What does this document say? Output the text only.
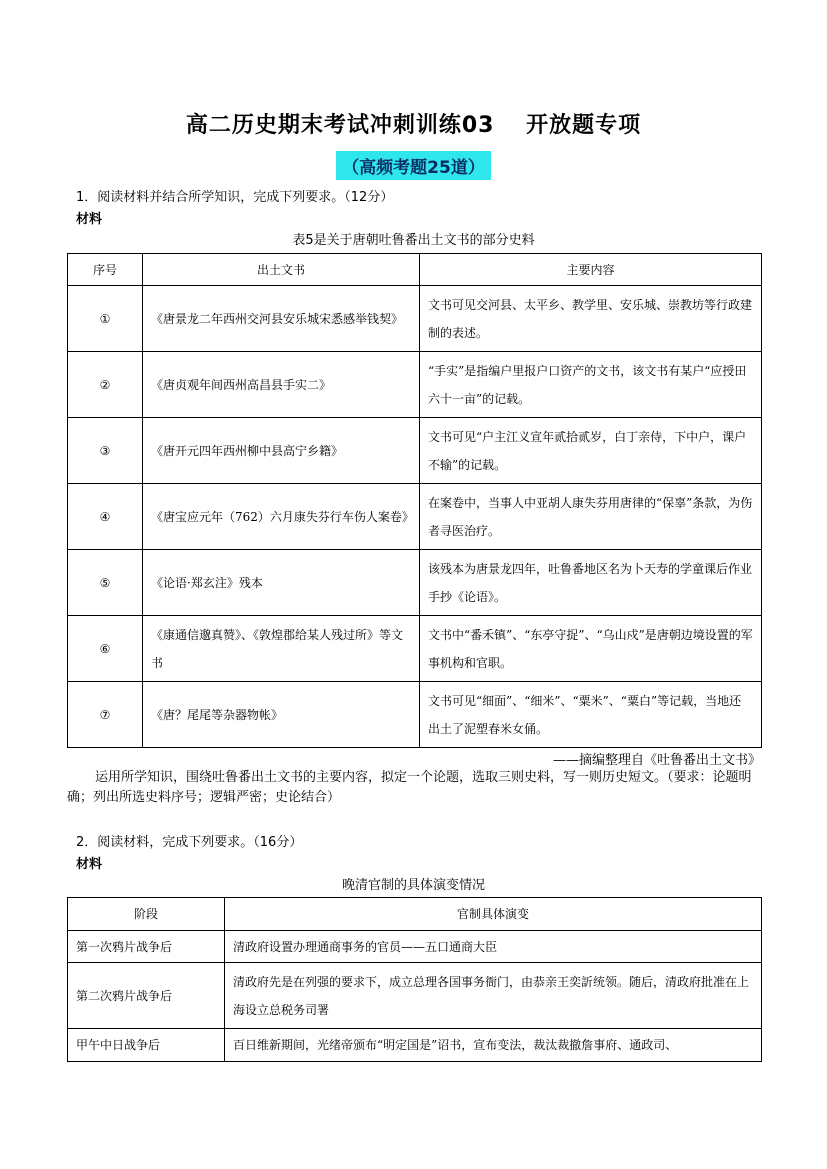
高二历史期末考试冲刺训练03　 开放题专项
（高频考题25道）
1．阅读材料并结合所学知识，完成下列要求。（12分）
材料
表5是关于唐朝吐鲁番出土文书的部分史料
序号	出土文书	主要内容
①	《唐景龙二年西州交河县安乐城宋悉感举钱契》	文书可见交河县、太平乡、教学里、安乐城、崇教坊等行政建制的表述。
②	《唐贞观年间西州高昌县手实二》	“手实”是指编户里报户口资产的文书，该文书有某户“应授田六十一亩”的记载。
③	《唐开元四年西州柳中县高宁乡籍》	文书可见“户主江义宣年贰拾贰岁，白丁亲侍，下中户，课户不输”的记载。
④	《唐宝应元年（762）六月康失芬行车伤人案卷》	在案卷中，当事人中亚胡人康失芬用唐律的“保辜”条款，为伤者寻医治疗。
⑤	《论语·郑玄注》残本	该残本为唐景龙四年，吐鲁番地区名为卜天寿的学童课后作业手抄《论语》。
⑥	《康通信邈真赞》、《敦煌郡给某人残过所》等文书	文书中“番禾镇”、“东亭守捉”、“乌山戍”是唐朝边境设置的军事机构和官职。
⑦	《唐？尾尾等杂器物帐》	文书可见“细面”、“细米”、“粟米”、“粟白”等记载，当地还出土了泥塑春米女俑。
——摘编整理自《吐鲁番出土文书》
运用所学知识，围绕吐鲁番出土文书的主要内容，拟定一个论题，选取三则史料，写一则历史短文。（要求：论题明确；列出所选史料序号；逻辑严密；史论结合）
2．阅读材料，完成下列要求。（16分）
材料
晚清官制的具体演变情况
阶段	官制具体演变
第一次鸦片战争后	清政府设置办理通商事务的官员——五口通商大臣
第二次鸦片战争后	清政府先是在列强的要求下，成立总理各国事务衙门，由恭亲王奕訢统领。随后，清政府批准在上海设立总税务司署
甲午中日战争后	百日维新期间，光绪帝颁布“明定国是”诏书，宣布变法，裁汰裁撤詹事府、通政司、
